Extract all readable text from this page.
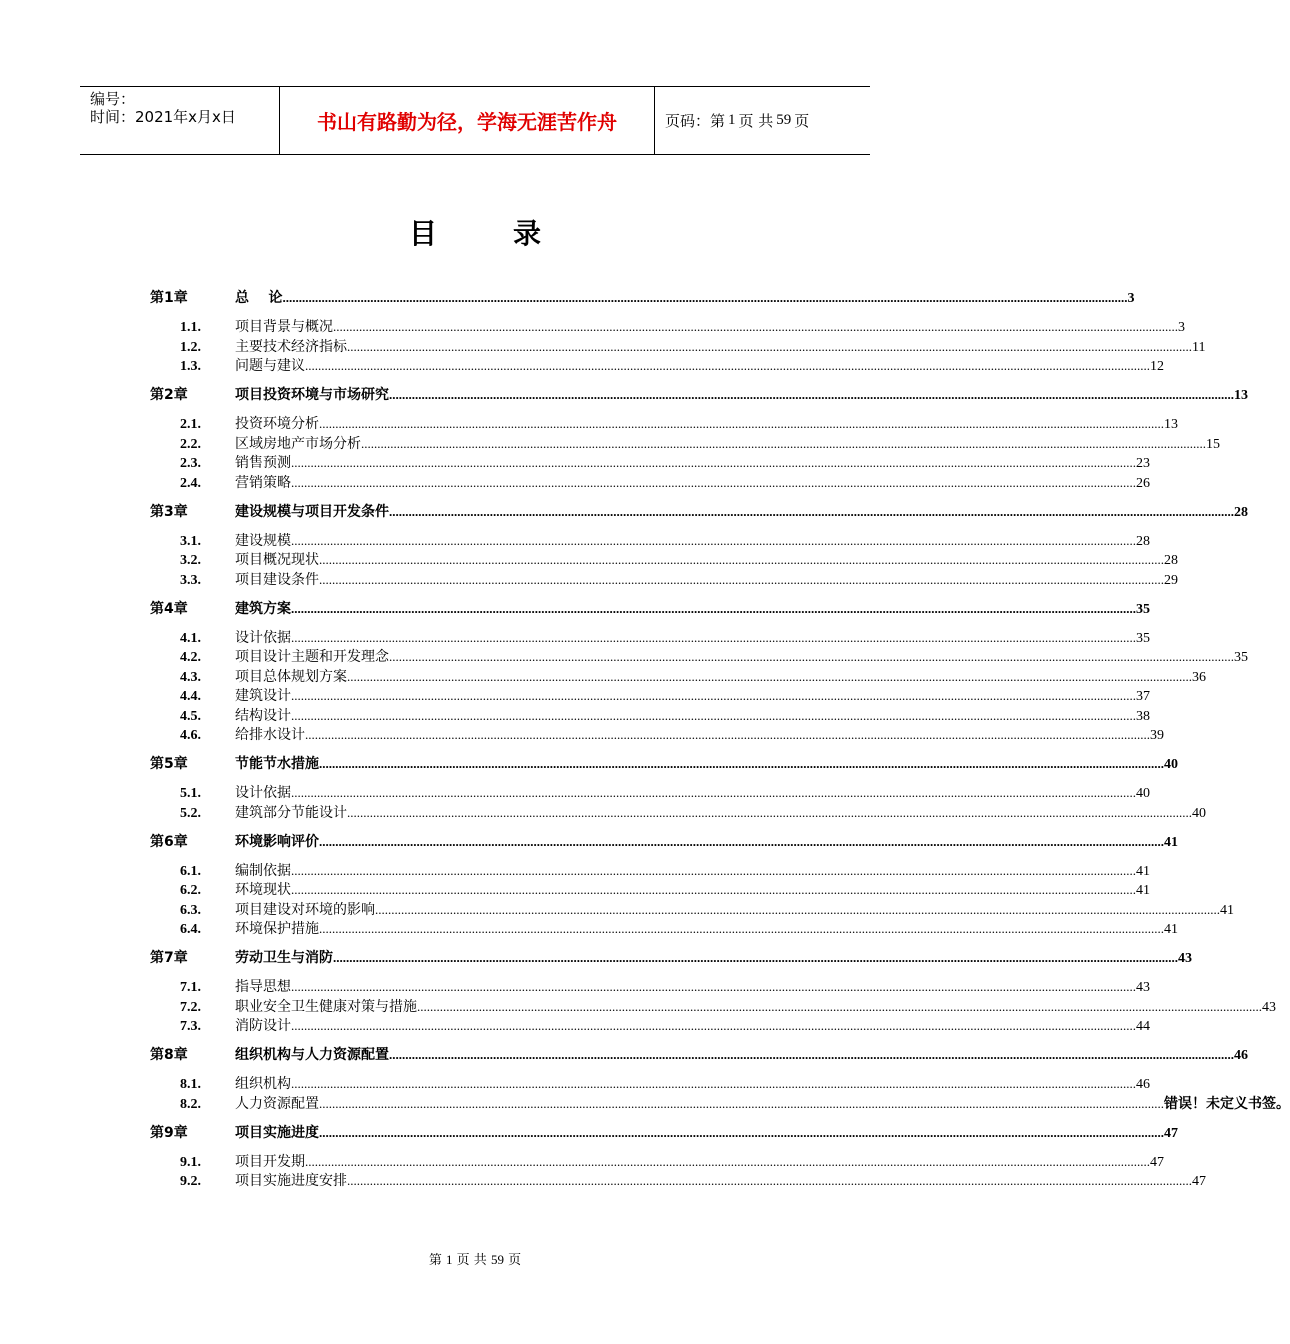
编号：
时间：2021年x月x日	书山有路勤为径，学海无涯苦作舟	页码：第 1 页 共 59 页
目	录
第1章	总    论 .................................................................................................................................................................................................................................................................... 3
1.1.	项目背景与概况 .................................................................................................................................................................................................................................................................... 3
1.2.	主要技术经济指标 .................................................................................................................................................................................................................................................................... 11
1.3.	问题与建议 .................................................................................................................................................................................................................................................................... 12
第2章	项目投资环境与市场研究 .................................................................................................................................................................................................................................................................... 13
2.1.	投资环境分析 .................................................................................................................................................................................................................................................................... 13
2.2.	区域房地产市场分析 .................................................................................................................................................................................................................................................................... 15
2.3.	销售预测 .................................................................................................................................................................................................................................................................... 23
2.4.	营销策略 .................................................................................................................................................................................................................................................................... 26
第3章	建设规模与项目开发条件 .................................................................................................................................................................................................................................................................... 28
3.1.	建设规模 .................................................................................................................................................................................................................................................................... 28
3.2.	项目概况现状 .................................................................................................................................................................................................................................................................... 28
3.3.	项目建设条件 .................................................................................................................................................................................................................................................................... 29
第4章	建筑方案 .................................................................................................................................................................................................................................................................... 35
4.1.	设计依据 .................................................................................................................................................................................................................................................................... 35
4.2.	项目设计主题和开发理念 .................................................................................................................................................................................................................................................................... 35
4.3.	项目总体规划方案 .................................................................................................................................................................................................................................................................... 36
4.4.	建筑设计 .................................................................................................................................................................................................................................................................... 37
4.5.	结构设计 .................................................................................................................................................................................................................................................................... 38
4.6.	给排水设计 .................................................................................................................................................................................................................................................................... 39
第5章	节能节水措施 .................................................................................................................................................................................................................................................................... 40
5.1.	设计依据 .................................................................................................................................................................................................................................................................... 40
5.2.	建筑部分节能设计 .................................................................................................................................................................................................................................................................... 40
第6章	环境影响评价 .................................................................................................................................................................................................................................................................... 41
6.1.	编制依据 .................................................................................................................................................................................................................................................................... 41
6.2.	环境现状 .................................................................................................................................................................................................................................................................... 41
6.3.	项目建设对环境的影响 .................................................................................................................................................................................................................................................................... 41
6.4.	环境保护措施 .................................................................................................................................................................................................................................................................... 41
第7章	劳动卫生与消防 .................................................................................................................................................................................................................................................................... 43
7.1.	指导思想 .................................................................................................................................................................................................................................................................... 43
7.2.	职业安全卫生健康对策与措施 .................................................................................................................................................................................................................................................................... 43
7.3.	消防设计 .................................................................................................................................................................................................................................................................... 44
第8章	组织机构与人力资源配置 .................................................................................................................................................................................................................................................................... 46
8.1.	组织机构 .................................................................................................................................................................................................................................................................... 46
8.2.	人力资源配置 .................................................................................................................................................................................................................................................................... 错误！未定义书签。
第9章	项目实施进度 .................................................................................................................................................................................................................................................................... 47
9.1.	项目开发期 .................................................................................................................................................................................................................................................................... 47
9.2.	项目实施进度安排 .................................................................................................................................................................................................................................................................... 47
第 1 页 共 59 页
